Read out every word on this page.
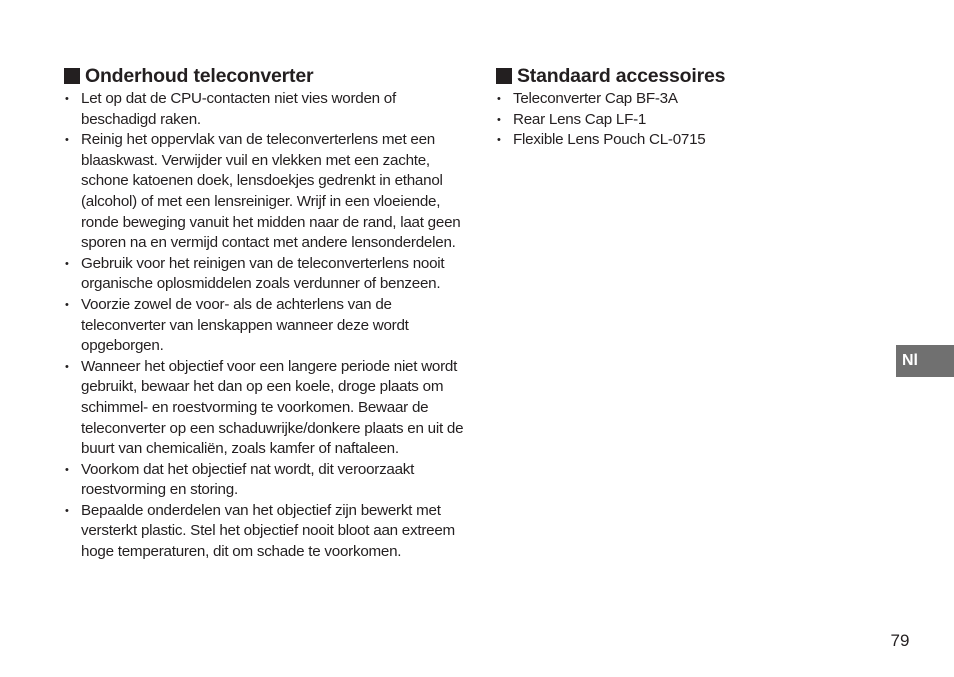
Onderhoud teleconverter
• Let op dat de CPU-contacten niet vies worden of beschadigd raken.
• Reinig het oppervlak van de teleconverterlens met een blaaskwast. Verwijder vuil en vlekken met een zachte, schone katoenen doek, lensdoekjes gedrenkt in ethanol (alcohol) of met een lensreiniger. Wrijf in een vloeiende, ronde beweging vanuit het midden naar de rand, laat geen sporen na en vermijd contact met andere lensonderdelen.
• Gebruik voor het reinigen van de teleconverterlens nooit organische oplosmiddelen zoals verdunner of benzeen.
• Voorzie zowel de voor- als de achterlens van de teleconverter van lenskappen wanneer deze wordt opgeborgen.
• Wanneer het objectief voor een langere periode niet wordt gebruikt, bewaar het dan op een koele, droge plaats om schimmel- en roestvorming te voorkomen. Bewaar de teleconverter op een schaduwrijke/donkere plaats en uit de buurt van chemicaliën, zoals kamfer of naftaleen.
• Voorkom dat het objectief nat wordt, dit veroorzaakt roestvorming en storing.
• Bepaalde onderdelen van het objectief zijn bewerkt met versterkt plastic. Stel het objectief nooit bloot aan extreem hoge temperaturen, dit om schade te voorkomen.
Standaard accessoires
• Teleconverter Cap BF-3A
• Rear Lens Cap LF-1
• Flexible Lens Pouch CL-0715
Nl
79
